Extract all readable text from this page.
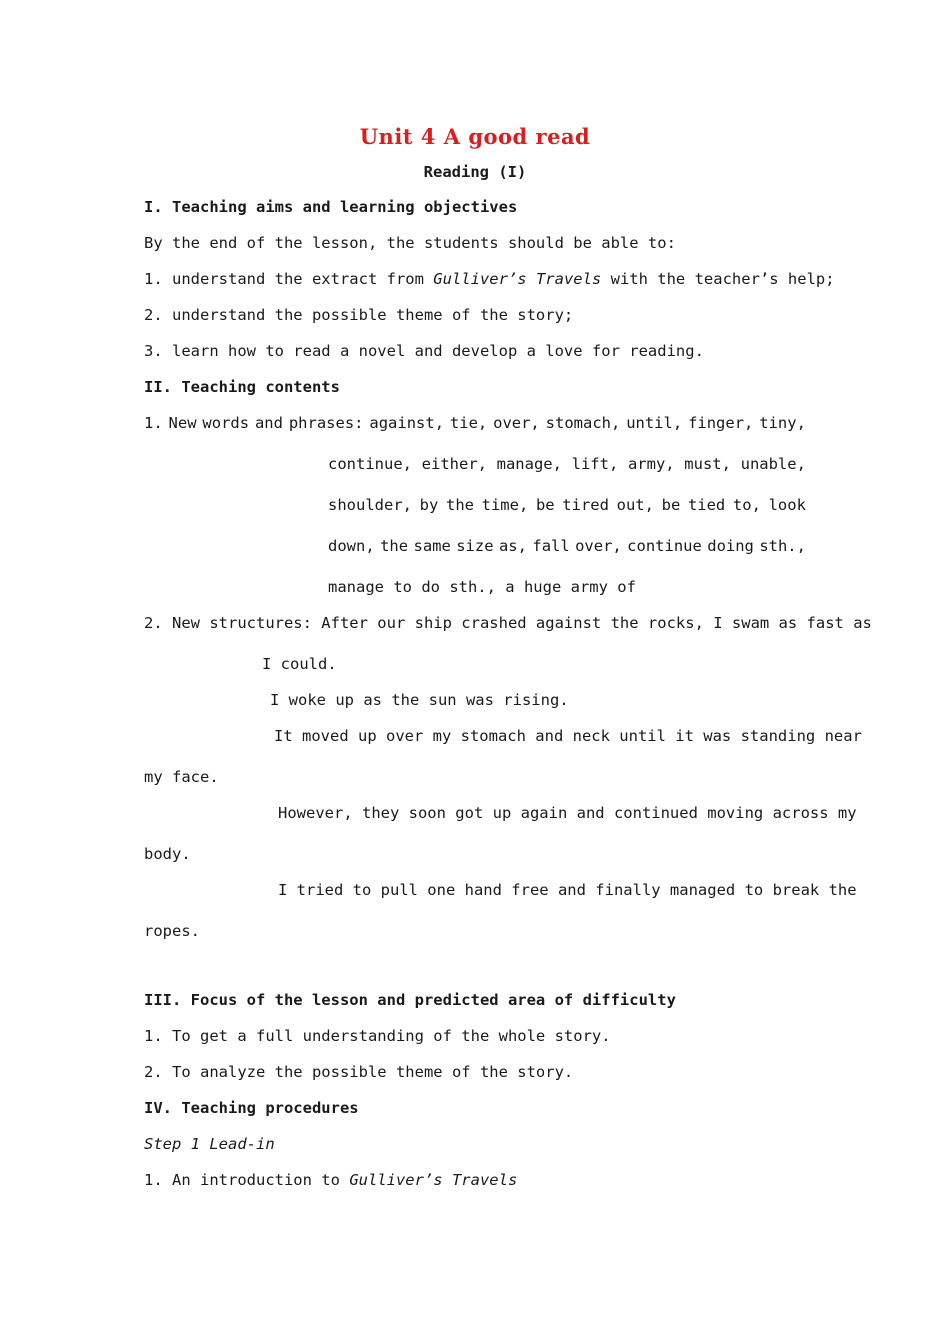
Unit 4 A good read
Reading (I)
I. Teaching aims and learning objectives
By the end of the lesson, the students should be able to:
1. understand the extract from Gulliver’s Travels with the teacher’s help;
2. understand the possible theme of the story;
3. learn how to read a novel and develop a love for reading.
II. Teaching contents
1. New words and phrases: against, tie, over, stomach, until, finger, tiny,
continue, either, manage, lift, army, must, unable,
shoulder, by the time, be tired out, be tied to, look
down, the same size as, fall over, continue doing sth.,
manage to do sth., a huge army of
2. New structures: After our ship crashed against the rocks, I swam as fast as
I could.
I woke up as the sun was rising.
It moved up over my stomach and neck until it was standing near
my face.
However, they soon got up again and continued moving across my
body.
I tried to pull one hand free and finally managed to break the
ropes.
III. Focus of the lesson and predicted area of difficulty
1. To get a full understanding of the whole story.
2. To analyze the possible theme of the story.
IV. Teaching procedures
Step 1 Lead-in
1. An introduction to Gulliver’s Travels
